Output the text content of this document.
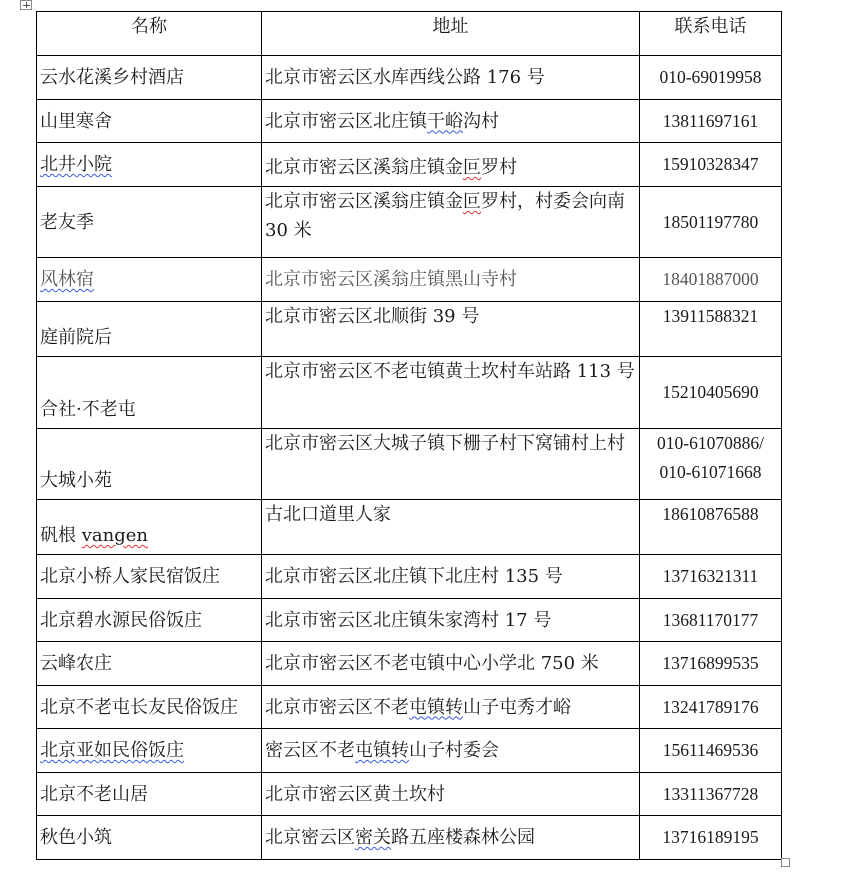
名称	地址	联系电话
云水花溪乡村酒店	北京市密云区水库西线公路 176 号	010-69019958
山里寒舍	北京市密云区北庄镇干峪沟村	13811697161
北井小院	北京市密云区溪翁庄镇金叵罗村	15910328347
老友季	北京市密云区溪翁庄镇金叵罗村，村委会向南 30 米	18501197780
风林宿	北京市密云区溪翁庄镇黑山寺村	18401887000
庭前院后	北京市密云区北顺街 39 号	13911588321
合社·不老屯	北京市密云区不老屯镇黄土坎村车站路 113 号	15210405690
大城小苑	北京市密云区大城子镇下栅子村下窝铺村上村	010-61070886/ 010-61071668
矾根 vangen	古北口道里人家	18610876588
北京小桥人家民宿饭庄	北京市密云区北庄镇下北庄村 135 号	13716321311
北京碧水源民俗饭庄	北京市密云区北庄镇朱家湾村 17 号	13681170177
云峰农庄	北京市密云区不老屯镇中心小学北 750 米	13716899535
北京不老屯长友民俗饭庄	北京市密云区不老屯镇转山子屯秀才峪	13241789176
北京亚如民俗饭庄	密云区不老屯镇转山子村委会	15611469536
北京不老山居	北京市密云区黄土坎村	13311367728
秋色小筑	北京密云区密关路五座楼森林公园	13716189195
